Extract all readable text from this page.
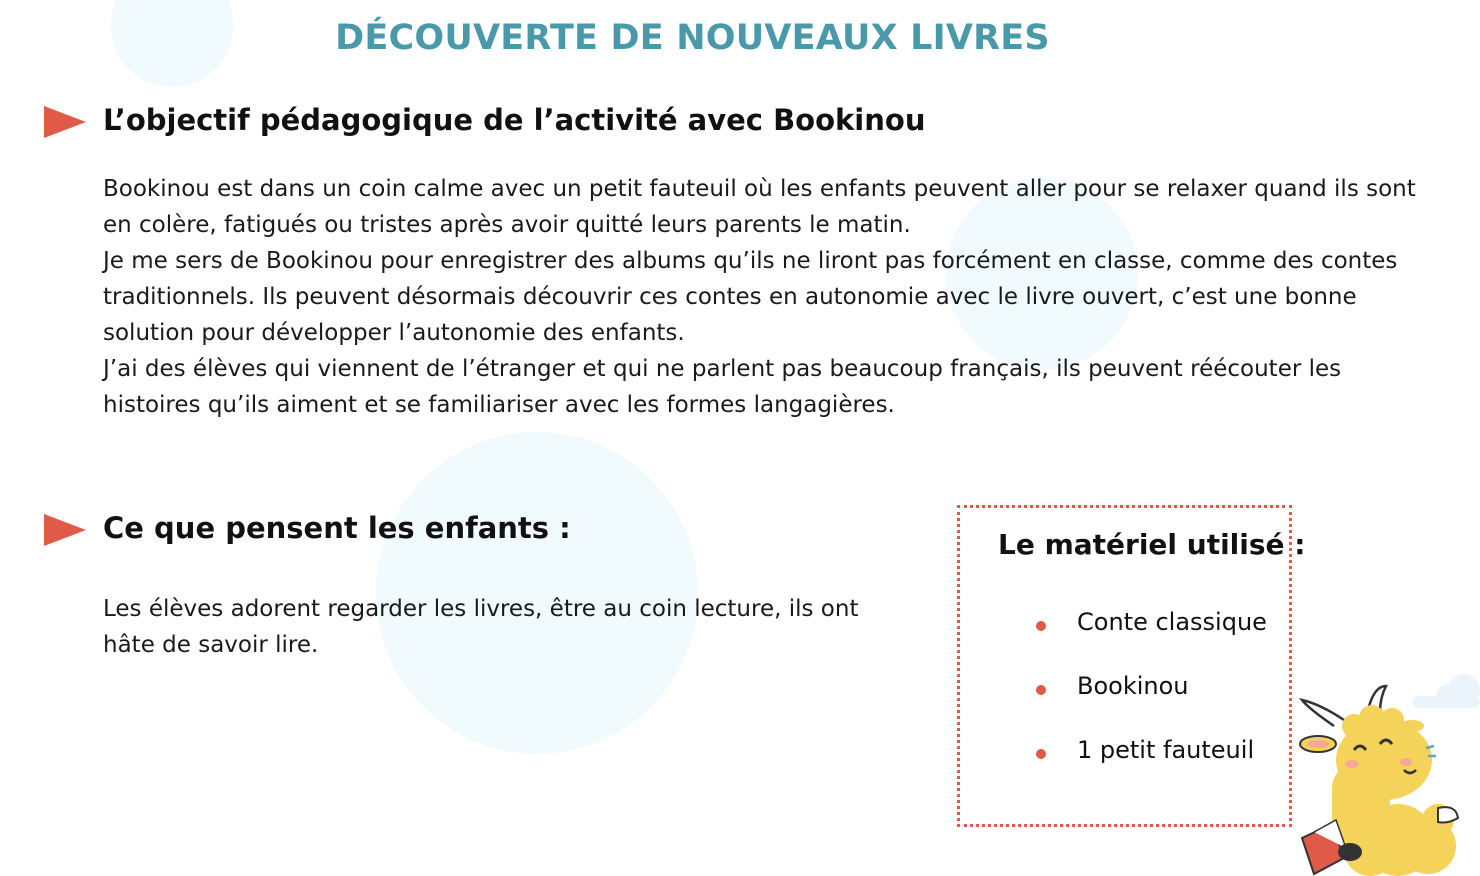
DÉCOUVERTE DE NOUVEAUX LIVRES
L’objectif pédagogique de l’activité avec Bookinou

Bookinou est dans un coin calme avec un petit fauteuil où les enfants peuvent aller pour se relaxer quand ils sont

en colère, fatigués ou tristes après avoir quitté leurs parents le matin.

Je me sers de Bookinou pour enregistrer des albums qu’ils ne liront pas forcément en classe, comme des contes

traditionnels. Ils peuvent désormais découvrir ces contes en autonomie avec le livre ouvert, c’est une bonne

solution pour développer l’autonomie des enfants.

J’ai des élèves qui viennent de l’étranger et qui ne parlent pas beaucoup français, ils peuvent réécouter les

histoires qu’ils aiment et se familiariser avec les formes langagières.

Ce que pensent les enfants :

Les élèves adorent regarder les livres, être au coin lecture, ils ont

hâte de savoir lire.

Le matériel utilisé :
Conte classique
Bookinou
1 petit fauteuil
